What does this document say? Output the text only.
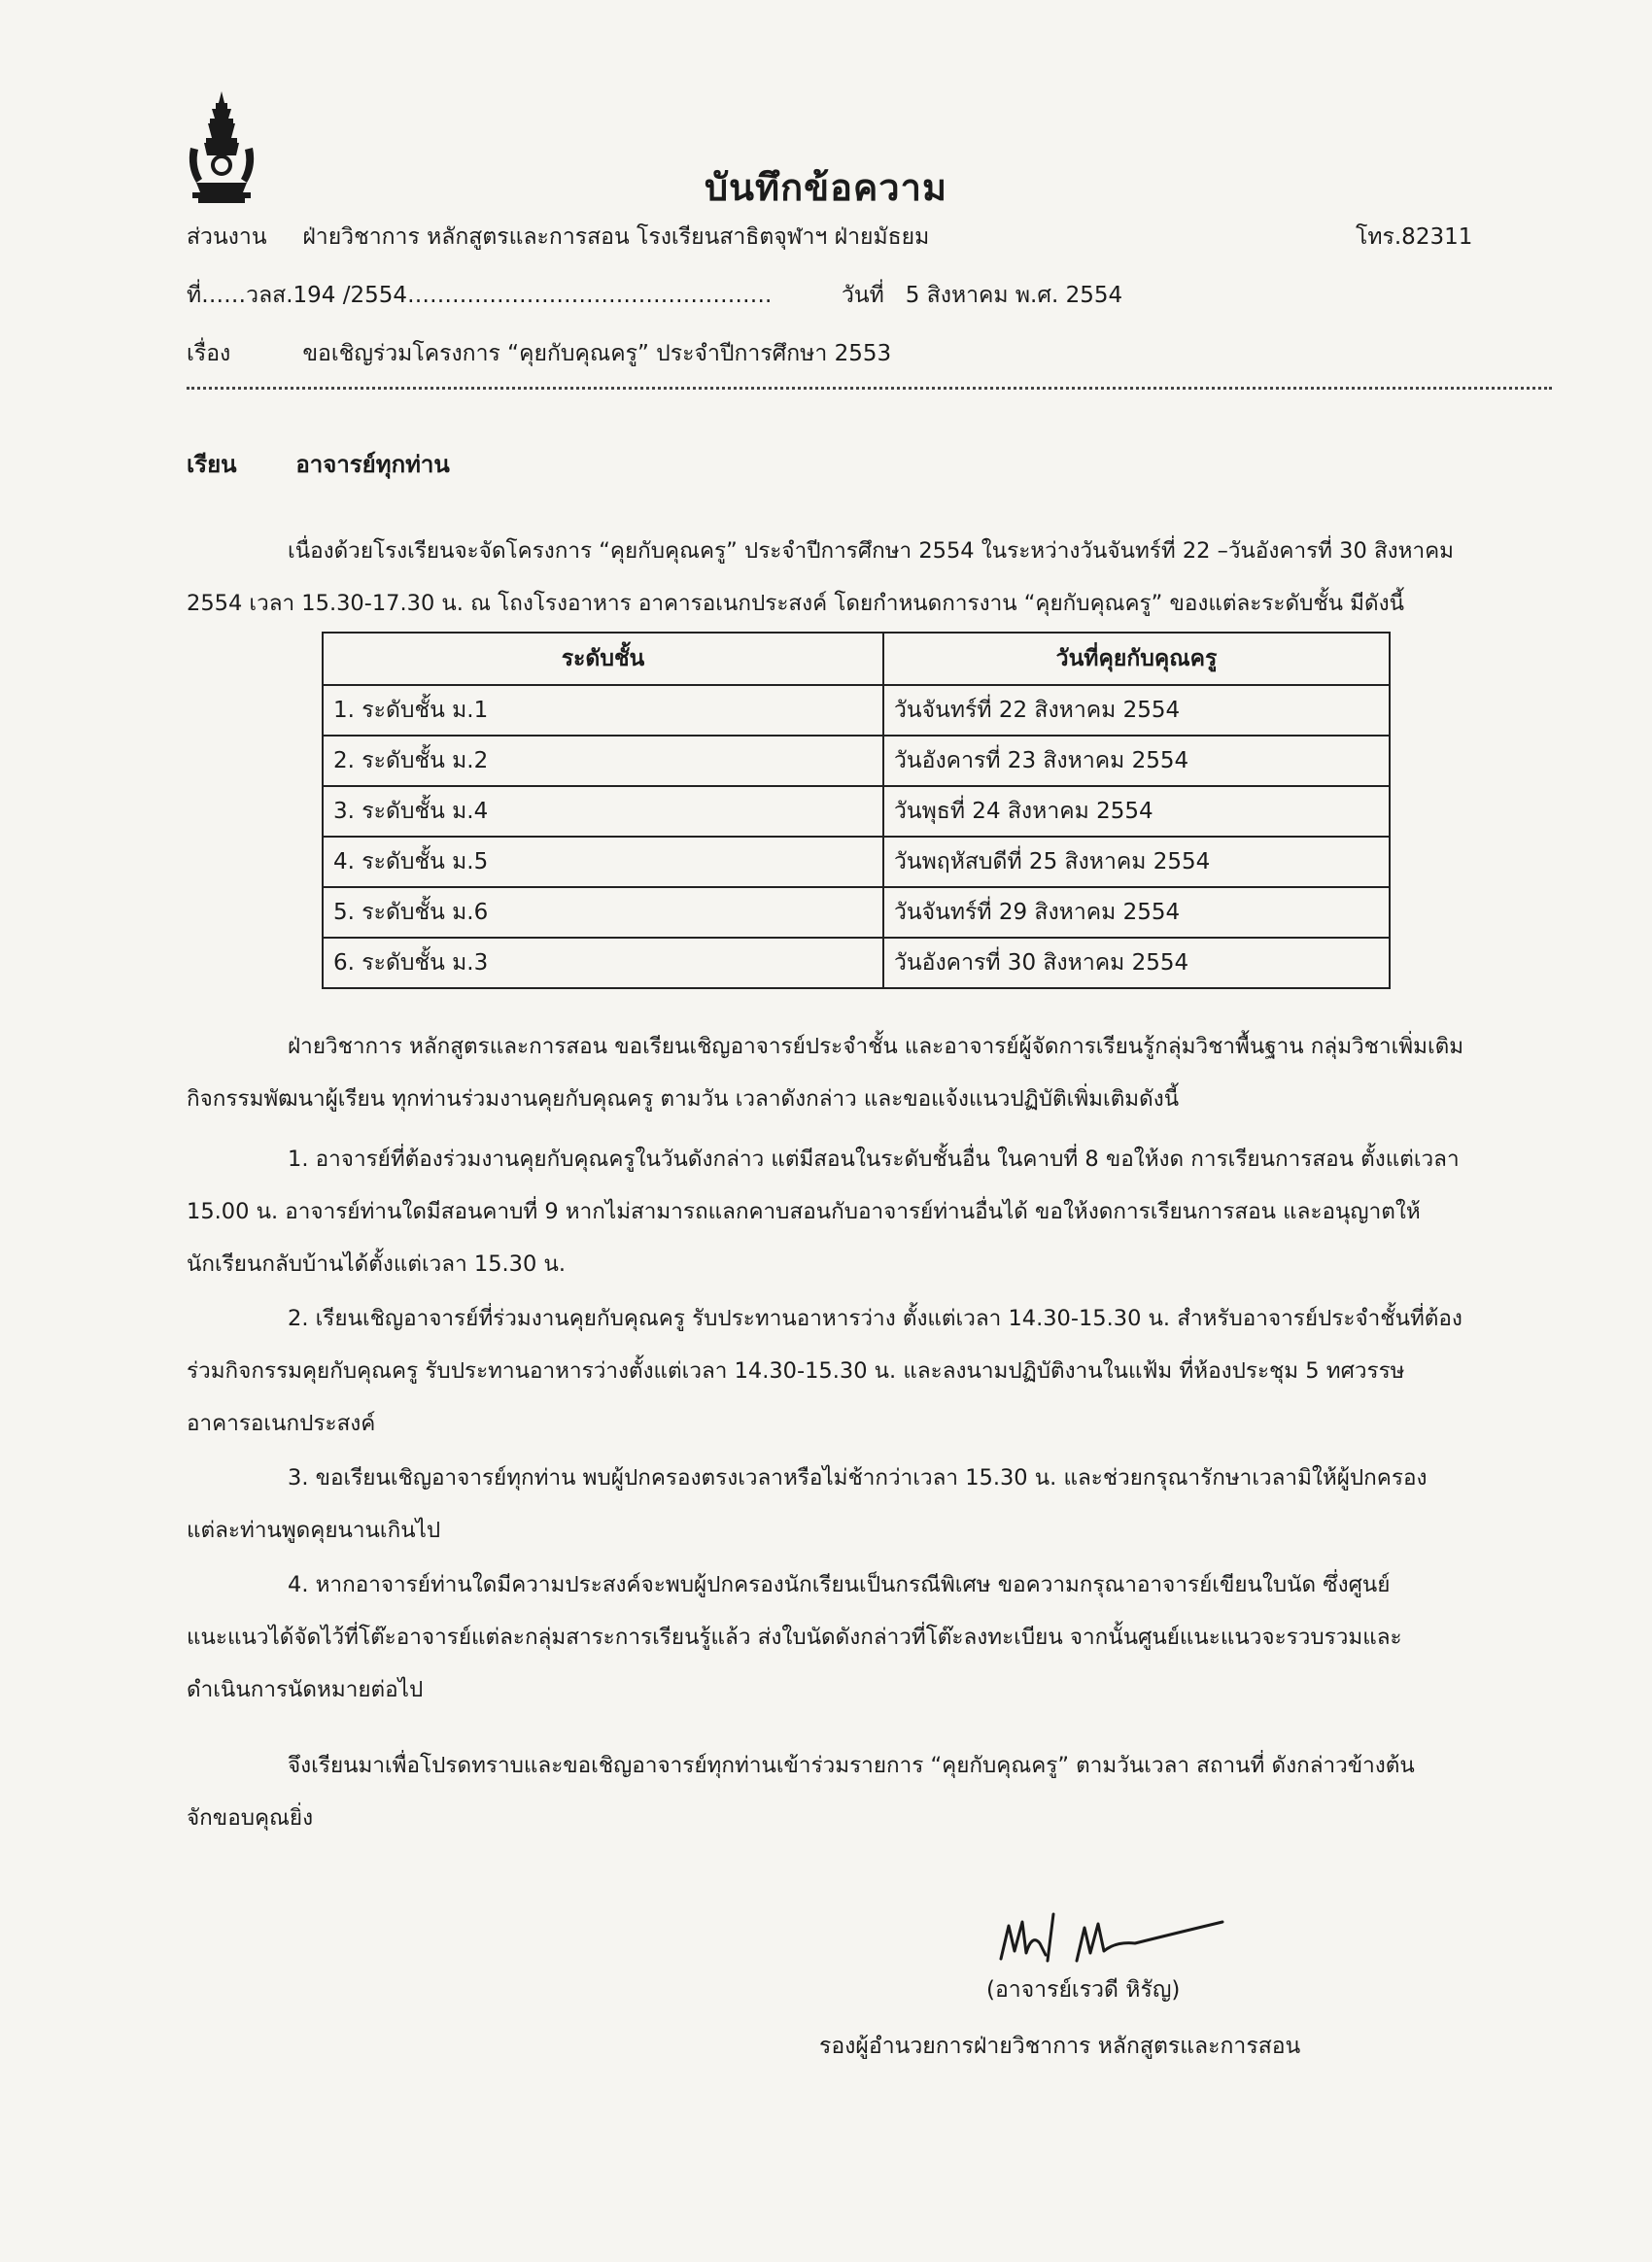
บันทึกข้อความ
ส่วนงาน ฝ่ายวิชาการ หลักสูตรและการสอน โรงเรียนสาธิตจุฬาฯ ฝ่ายมัธยม	โทร.82311
ที่……วลส.194 /2554………………………………………….	วันที่ 5 สิงหาคม พ.ศ. 2554
เรื่อง	ขอเชิญร่วมโครงการ “คุยกับคุณครู” ประจำปีการศึกษา 2553
เรียน	อาจารย์ทุกท่าน
เนื่องด้วยโรงเรียนจะจัดโครงการ “คุยกับคุณครู” ประจำปีการศึกษา 2554 ในระหว่างวันจันทร์ที่ 22 –วันอังคารที่ 30 สิงหาคม
2554 เวลา 15.30-17.30 น. ณ โถงโรงอาหาร อาคารอเนกประสงค์ โดยกำหนดการงาน “คุยกับคุณครู” ของแต่ละระดับชั้น มีดังนี้
ระดับชั้น	วันที่คุยกับคุณครู
1. ระดับชั้น ม.1	วันจันทร์ที่ 22 สิงหาคม 2554
2. ระดับชั้น ม.2	วันอังคารที่ 23 สิงหาคม 2554
3. ระดับชั้น ม.4	วันพุธที่ 24 สิงหาคม 2554
4. ระดับชั้น ม.5	วันพฤหัสบดีที่ 25 สิงหาคม 2554
5. ระดับชั้น ม.6	วันจันทร์ที่ 29 สิงหาคม 2554
6. ระดับชั้น ม.3	วันอังคารที่ 30 สิงหาคม 2554
ฝ่ายวิชาการ หลักสูตรและการสอน ขอเรียนเชิญอาจารย์ประจำชั้น และอาจารย์ผู้จัดการเรียนรู้กลุ่มวิชาพื้นฐาน กลุ่มวิชาเพิ่มเติม
กิจกรรมพัฒนาผู้เรียน ทุกท่านร่วมงานคุยกับคุณครู ตามวัน เวลาดังกล่าว และขอแจ้งแนวปฏิบัติเพิ่มเติมดังนี้
1. อาจารย์ที่ต้องร่วมงานคุยกับคุณครูในวันดังกล่าว แต่มีสอนในระดับชั้นอื่น ในคาบที่ 8 ขอให้งด การเรียนการสอน ตั้งแต่เวลา
15.00 น. อาจารย์ท่านใดมีสอนคาบที่ 9 หากไม่สามารถแลกคาบสอนกับอาจารย์ท่านอื่นได้ ขอให้งดการเรียนการสอน และอนุญาตให้
นักเรียนกลับบ้านได้ตั้งแต่เวลา 15.30 น.
2. เรียนเชิญอาจารย์ที่ร่วมงานคุยกับคุณครู รับประทานอาหารว่าง ตั้งแต่เวลา 14.30-15.30 น. สำหรับอาจารย์ประจำชั้นที่ต้อง
ร่วมกิจกรรมคุยกับคุณครู รับประทานอาหารว่างตั้งแต่เวลา 14.30-15.30 น. และลงนามปฏิบัติงานในแฟ้ม ที่ห้องประชุม 5 ทศวรรษ
อาคารอเนกประสงค์
3. ขอเรียนเชิญอาจารย์ทุกท่าน พบผู้ปกครองตรงเวลาหรือไม่ช้ากว่าเวลา 15.30 น. และช่วยกรุณารักษาเวลามิให้ผู้ปกครอง
แต่ละท่านพูดคุยนานเกินไป
4. หากอาจารย์ท่านใดมีความประสงค์จะพบผู้ปกครองนักเรียนเป็นกรณีพิเศษ ขอความกรุณาอาจารย์เขียนใบนัด ซึ่งศูนย์
แนะแนวได้จัดไว้ที่โต๊ะอาจารย์แต่ละกลุ่มสาระการเรียนรู้แล้ว ส่งใบนัดดังกล่าวที่โต๊ะลงทะเบียน จากนั้นศูนย์แนะแนวจะรวบรวมและ
ดำเนินการนัดหมายต่อไป
จึงเรียนมาเพื่อโปรดทราบและขอเชิญอาจารย์ทุกท่านเข้าร่วมรายการ “คุยกับคุณครู” ตามวันเวลา สถานที่ ดังกล่าวข้างต้น
จักขอบคุณยิ่ง
(อาจารย์เรวดี หิรัญ)
รองผู้อำนวยการฝ่ายวิชาการ หลักสูตรและการสอน
